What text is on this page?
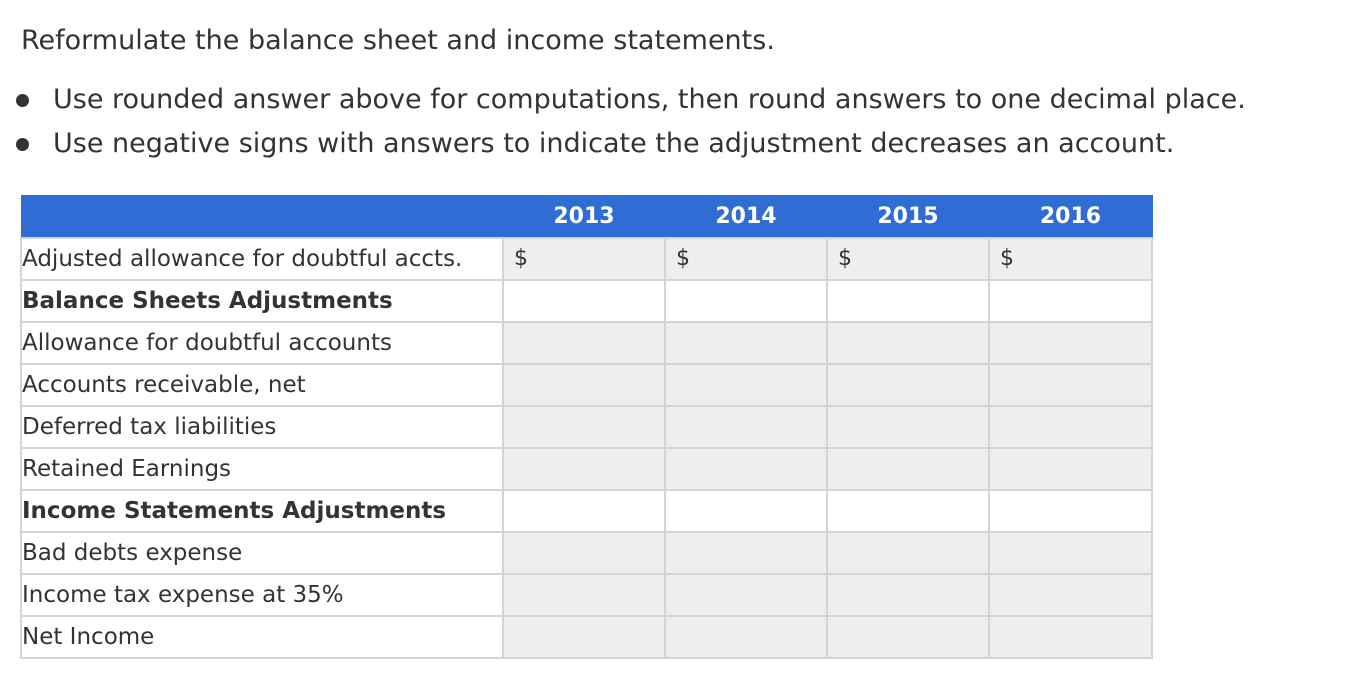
Reformulate the balance sheet and income statements.
Use rounded answer above for computations, then round answers to one decimal place.
Use negative signs with answers to indicate the adjustment decreases an account.
	2013	2014	2015	2016
Adjusted allowance for doubtful accts.	$	$	$	$
Balance Sheets Adjustments				
Allowance for doubtful accounts				
Accounts receivable, net				
Deferred tax liabilities				
Retained Earnings				
Income Statements Adjustments				
Bad debts expense				
Income tax expense at 35%				
Net Income				
